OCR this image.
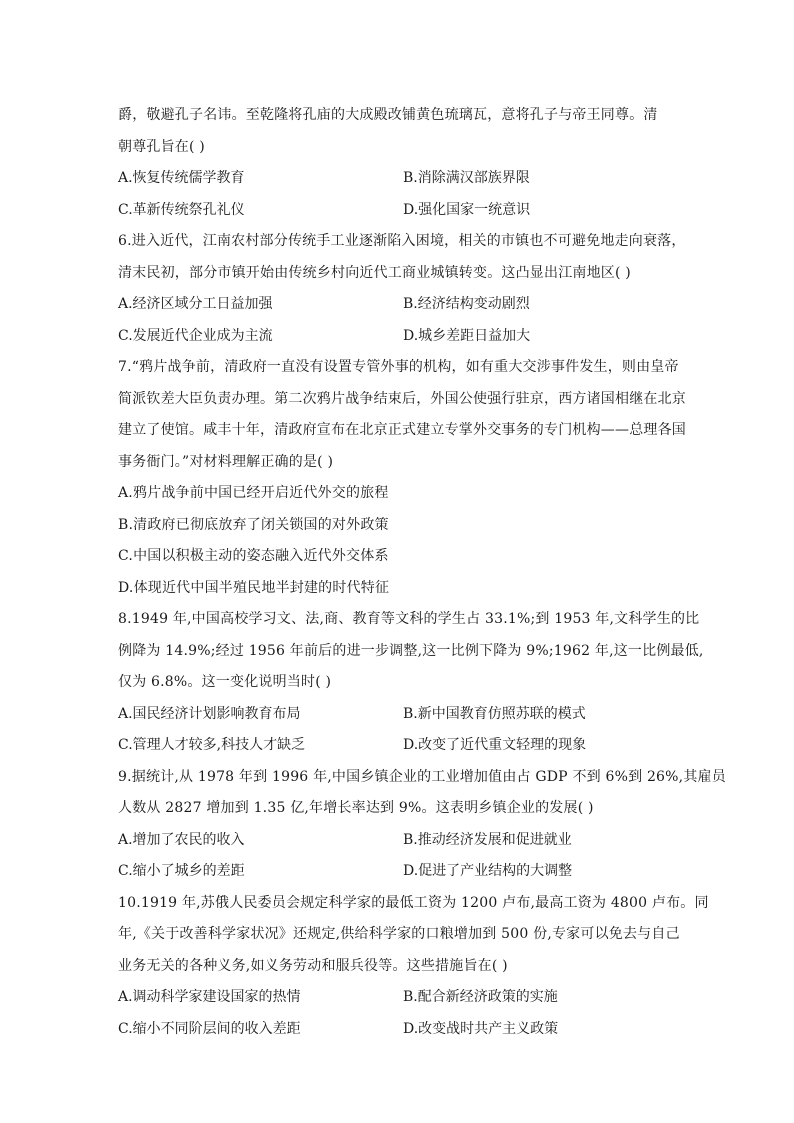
爵，敬避孔子名讳。至乾隆将孔庙的大成殿改铺黄色琉璃瓦，意将孔子与帝王同尊。清
朝尊孔旨在( )
A.恢复传统儒学教育	B.消除满汉部族界限
C.革新传统祭孔礼仪	D.强化国家一统意识
6.进入近代，江南农村部分传统手工业逐渐陷入困境，相关的市镇也不可避免地走向衰落，
清末民初，部分市镇开始由传统乡村向近代工商业城镇转变。这凸显出江南地区( )
A.经济区域分工日益加强	B.经济结构变动剧烈
C.发展近代企业成为主流	D.城乡差距日益加大
7.“鸦片战争前，清政府一直没有设置专管外事的机构，如有重大交涉事件发生，则由皇帝
简派钦差大臣负责办理。第二次鸦片战争结束后，外国公使强行驻京，西方诸国相继在北京
建立了使馆。咸丰十年，清政府宣布在北京正式建立专掌外交事务的专门机构——总理各国
事务衙门。”对材料理解正确的是( )
A.鸦片战争前中国已经开启近代外交的旅程
B.清政府已彻底放弃了闭关锁国的对外政策
C.中国以积极主动的姿态融入近代外交体系
D.体现近代中国半殖民地半封建的时代特征
8.1949 年,中国高校学习文、法,商、教育等文科的学生占 33.1%;到 1953 年,文科学生的比
例降为 14.9%;经过 1956 年前后的进一步调整,这一比例下降为 9%;1962 年,这一比例最低,
仅为 6.8%。这一变化说明当时( )
A.国民经济计划影响教育布局	B.新中国教育仿照苏联的模式
C.管理人才较多,科技人才缺乏	D.改变了近代重文轻理的现象
9.据统计,从 1978 年到 1996 年,中国乡镇企业的工业增加值由占 GDP 不到 6%到 26%,其雇员
人数从 2827 增加到 1.35 亿,年增长率达到 9%。这表明乡镇企业的发展( )
A.增加了农民的收入	B.推动经济发展和促进就业
C.缩小了城乡的差距	D.促进了产业结构的大调整
10.1919 年,苏俄人民委员会规定科学家的最低工资为 1200 卢布,最高工资为 4800 卢布。同
年,《关于改善科学家状况》还规定,供给科学家的口粮增加到 500 份,专家可以免去与自己
业务无关的各种义务,如义务劳动和服兵役等。这些措施旨在( )
A.调动科学家建设国家的热情	B.配合新经济政策的实施
C.缩小不同阶层间的收入差距	D.改变战时共产主义政策
